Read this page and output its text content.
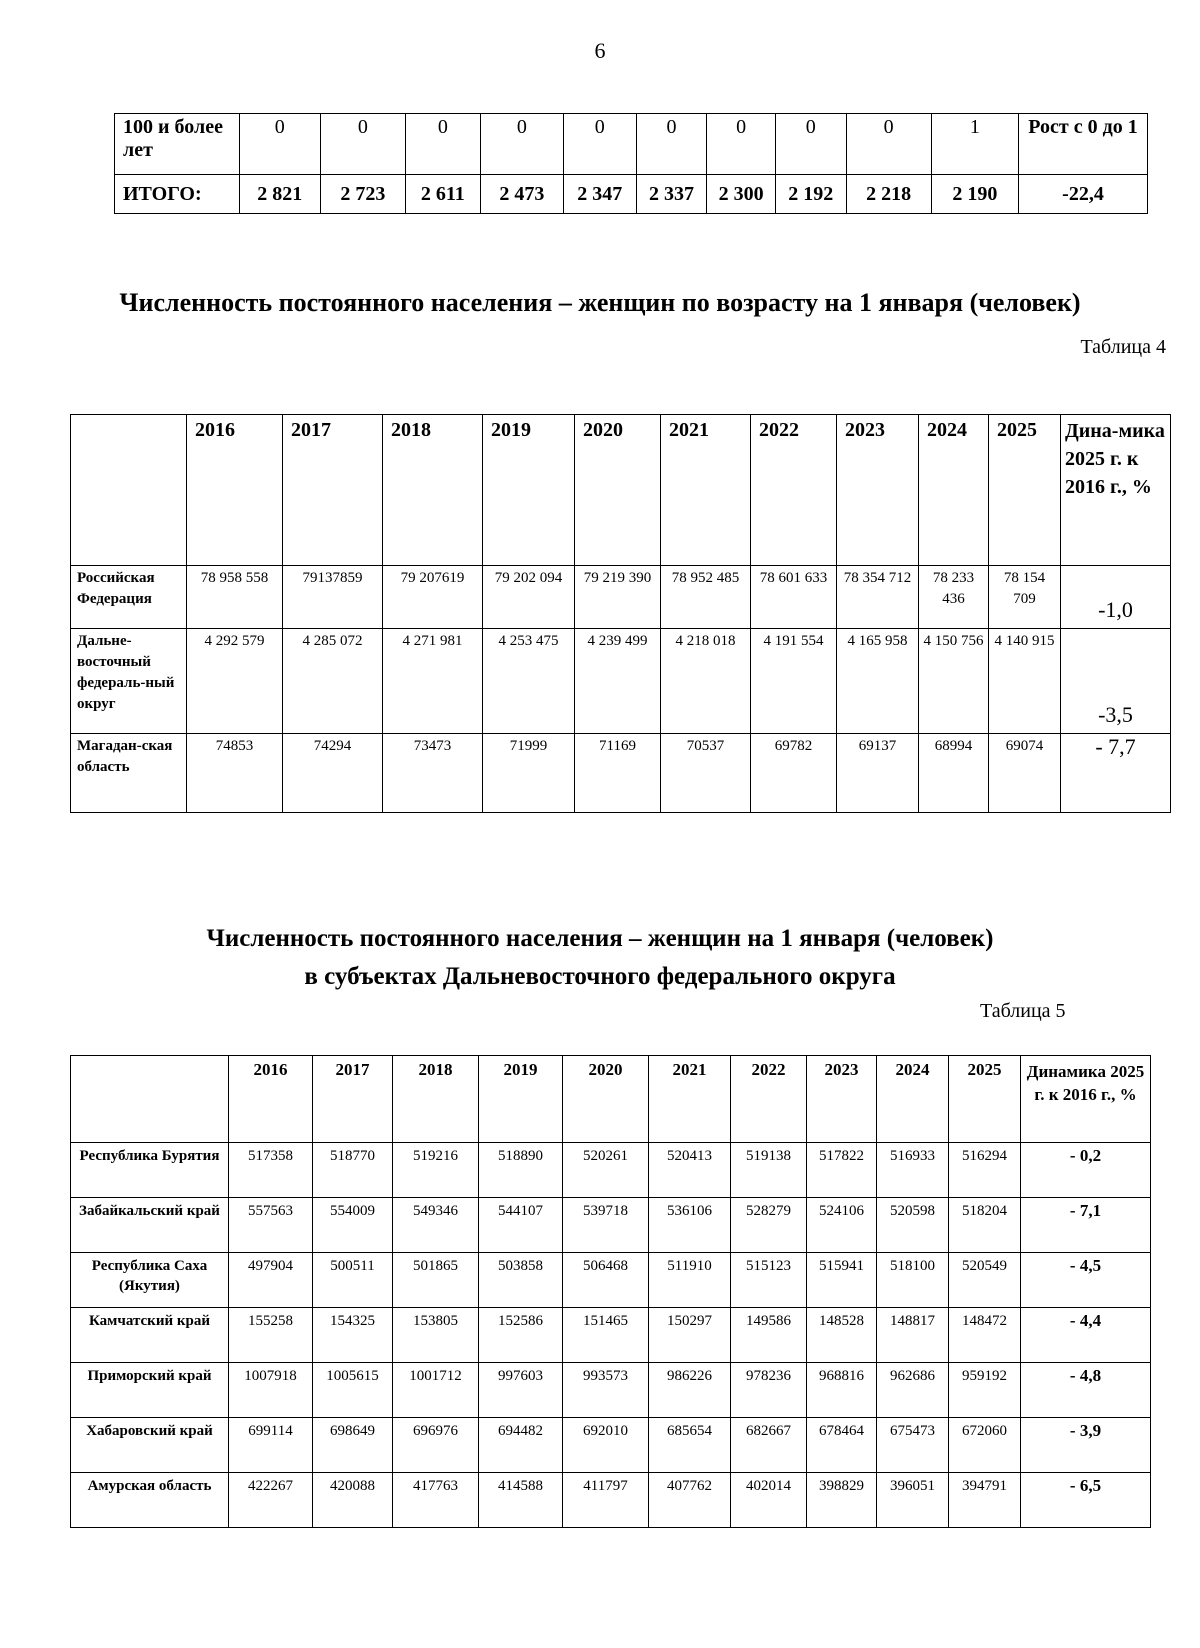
6
100 и более лет	0	0	0	0	0	0	0	0	0	1	Рост с 0 до 1
ИТОГО:	2 821	2 723	2 611	2 473	2 347	2 337	2 300	2 192	2 218	2 190	-22,4
Численность постоянного населения – женщин по возрасту на 1 января (человек)
Таблица 4
	2016	2017	2018	2019	2020	2021	2022	2023	2024	2025	Дина-мика 2025 г. к 2016 г., %
Российская Федерация	78 958 558	79137859	79 207619	79 202 094	79 219 390	78 952 485	78 601 633	78 354 712	78 233 436	78 154 709	-1,0
Дальне-восточный федераль-ный округ	4 292 579	4 285 072	4 271 981	4 253 475	4 239 499	4 218 018	4 191 554	4 165 958	4 150 756	4 140 915	-3,5
Магадан-ская область	74853	74294	73473	71999	71169	70537	69782	69137	68994	69074	- 7,7
Численность постоянного населения – женщин на 1 января (человек)
в субъектах Дальневосточного федерального округа
Таблица 5
	2016	2017	2018	2019	2020	2021	2022	2023	2024	2025	Динамика 2025 г. к 2016 г., %
Республика Бурятия	517358	518770	519216	518890	520261	520413	519138	517822	516933	516294	- 0,2
Забайкальский край	557563	554009	549346	544107	539718	536106	528279	524106	520598	518204	- 7,1
Республика Саха (Якутия)	497904	500511	501865	503858	506468	511910	515123	515941	518100	520549	- 4,5
Камчатский край	155258	154325	153805	152586	151465	150297	149586	148528	148817	148472	- 4,4
Приморский край	1007918	1005615	1001712	997603	993573	986226	978236	968816	962686	959192	- 4,8
Хабаровский край	699114	698649	696976	694482	692010	685654	682667	678464	675473	672060	- 3,9
Амурская область	422267	420088	417763	414588	411797	407762	402014	398829	396051	394791	- 6,5
